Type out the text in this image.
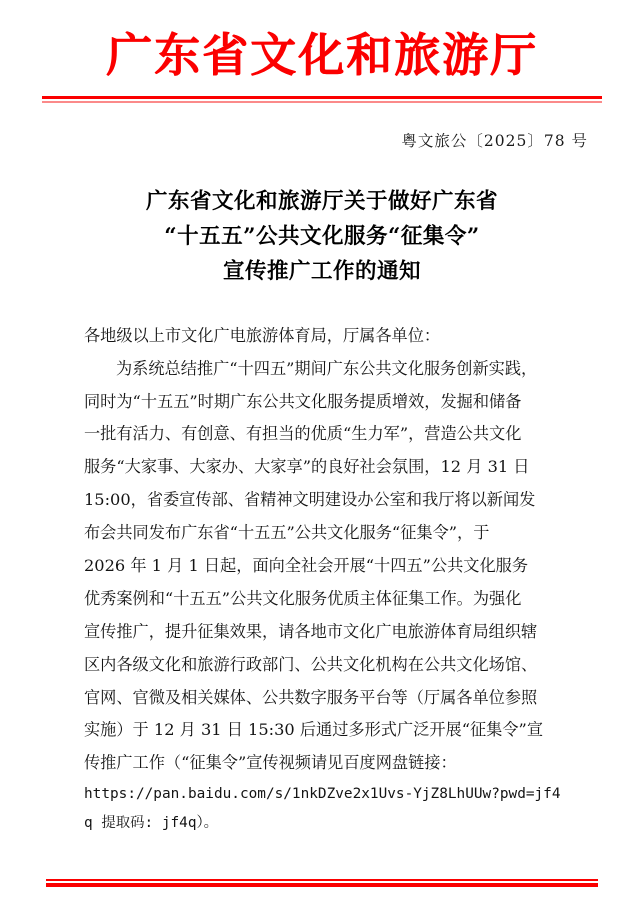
广东省文化和旅游厅
粤文旅公〔2025〕78 号
广东省文化和旅游厅关于做好广东省
“十五五”公共文化服务“征集令”
宣传推广工作的通知
各地级以上市文化广电旅游体育局，厅属各单位：
为系统总结推广“十四五”期间广东公共文化服务创新实践，
同时为“十五五”时期广东公共文化服务提质增效，发掘和储备
一批有活力、有创意、有担当的优质“生力军”，营造公共文化
服务“大家事、大家办、大家享”的良好社会氛围，12 月 31 日
15:00，省委宣传部、省精神文明建设办公室和我厅将以新闻发
布会共同发布广东省“十五五”公共文化服务“征集令”，于
2026 年 1 月 1 日起，面向全社会开展“十四五”公共文化服务
优秀案例和“十五五”公共文化服务优质主体征集工作。为强化
宣传推广，提升征集效果，请各地市文化广电旅游体育局组织辖
区内各级文化和旅游行政部门、公共文化机构在公共文化场馆、
官网、官微及相关媒体、公共数字服务平台等（厅属各单位参照
实施）于 12 月 31 日 15:30 后通过多形式广泛开展“征集令”宣
传推广工作（“征集令”宣传视频请见百度网盘链接：
https://pan.baidu.com/s/1nkDZve2x1Uvs-YjZ8LhUUw?pwd=jf4
q 提取码: jf4q）。
